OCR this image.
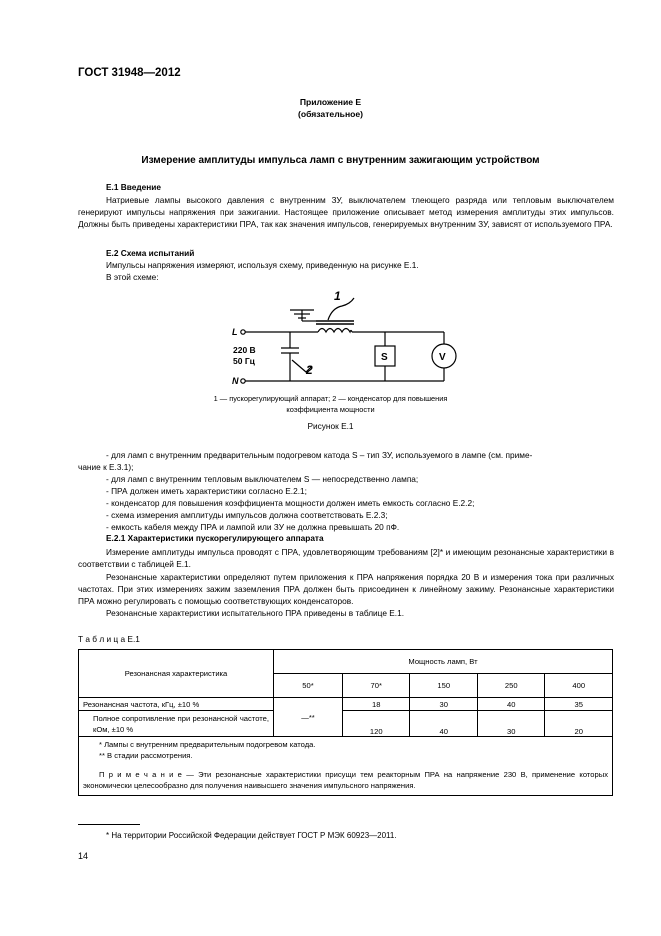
ГОСТ 31948—2012
Приложение Е
(обязательное)
Измерение амплитуды импульса ламп с внутренним зажигающим устройством
Е.1 Введение
Натриевые лампы высокого давления с внутренним ЗУ, выключателем тлеющего разряда или тепловым выключателем генерируют импульсы напряжения при зажигании. Настоящее приложение описывает метод измерения амплитуды этих импульсов. Должны быть приведены характеристики ПРА, так как значения импульсов, генерируемых внутренним ЗУ, зависят от используемого ПРА.
Е.2 Схема испытаний
Импульсы напряжения измеряют, используя схему, приведенную на рисунке Е.1.
В этой схеме:
L
N
220 В
50 Гц	S	V
1
2
1 — пускорегулирующий аппарат; 2 — конденсатор для повышения
коэффициента мощности
Рисунок Е.1
- для ламп с внутренним предварительным подогревом катода S – тип ЗУ, используемого в лампе (см. приме-
чание к Е.3.1);
- для ламп с внутренним тепловым выключателем S — непосредственно лампа;
- ПРА должен иметь характеристики согласно Е.2.1;
- конденсатор для повышения коэффициента мощности должен иметь емкость согласно Е.2.2;
- схема измерения амплитуды импульсов должна соответствовать Е.2.3;
- емкость кабеля между ПРА и лампой или ЗУ не должна превышать 20 пФ.
Е.2.1 Характеристики пускорегулирующего аппарата
Измерение амплитуды импульса проводят с ПРА, удовлетворяющим требованиям [2]* и имеющим резонансные характеристики в соответствии с таблицей Е.1.
Резонансные характеристики определяют путем приложения к ПРА напряжения порядка 20 В и измерения тока при различных частотах. При этих измерениях зажим заземления ПРА должен быть присоединен к линейному зажиму. Резонансные характеристики ПРА можно регулировать с помощью соответствующих конденсаторов.
Резонансные характеристики испытательного ПРА приведены в таблице Е.1.
Т а б л и ц а Е.1
Резонансная характеристика	Мощность ламп, Вт				
	50*	70*	150	250	400
Резонансная частота, кГц, ±10 %	—**	18	30	40	35
Полное сопротивление при резонансной частоте, кОм, ±10 %		120	40	30	20

* Лампы с внутренним предварительным подогревом катода.
** В стадии рассмотрения.
П р и м е ч а н и е — Эти резонансные характеристики присущи тем реакторным ПРА на напряжение 230 В, применение которых экономически целесообразно для получения наивысшего значения импульсного напряжения.					
* На территории Российской Федерации действует ГОСТ Р МЭК 60923—2011.
14
